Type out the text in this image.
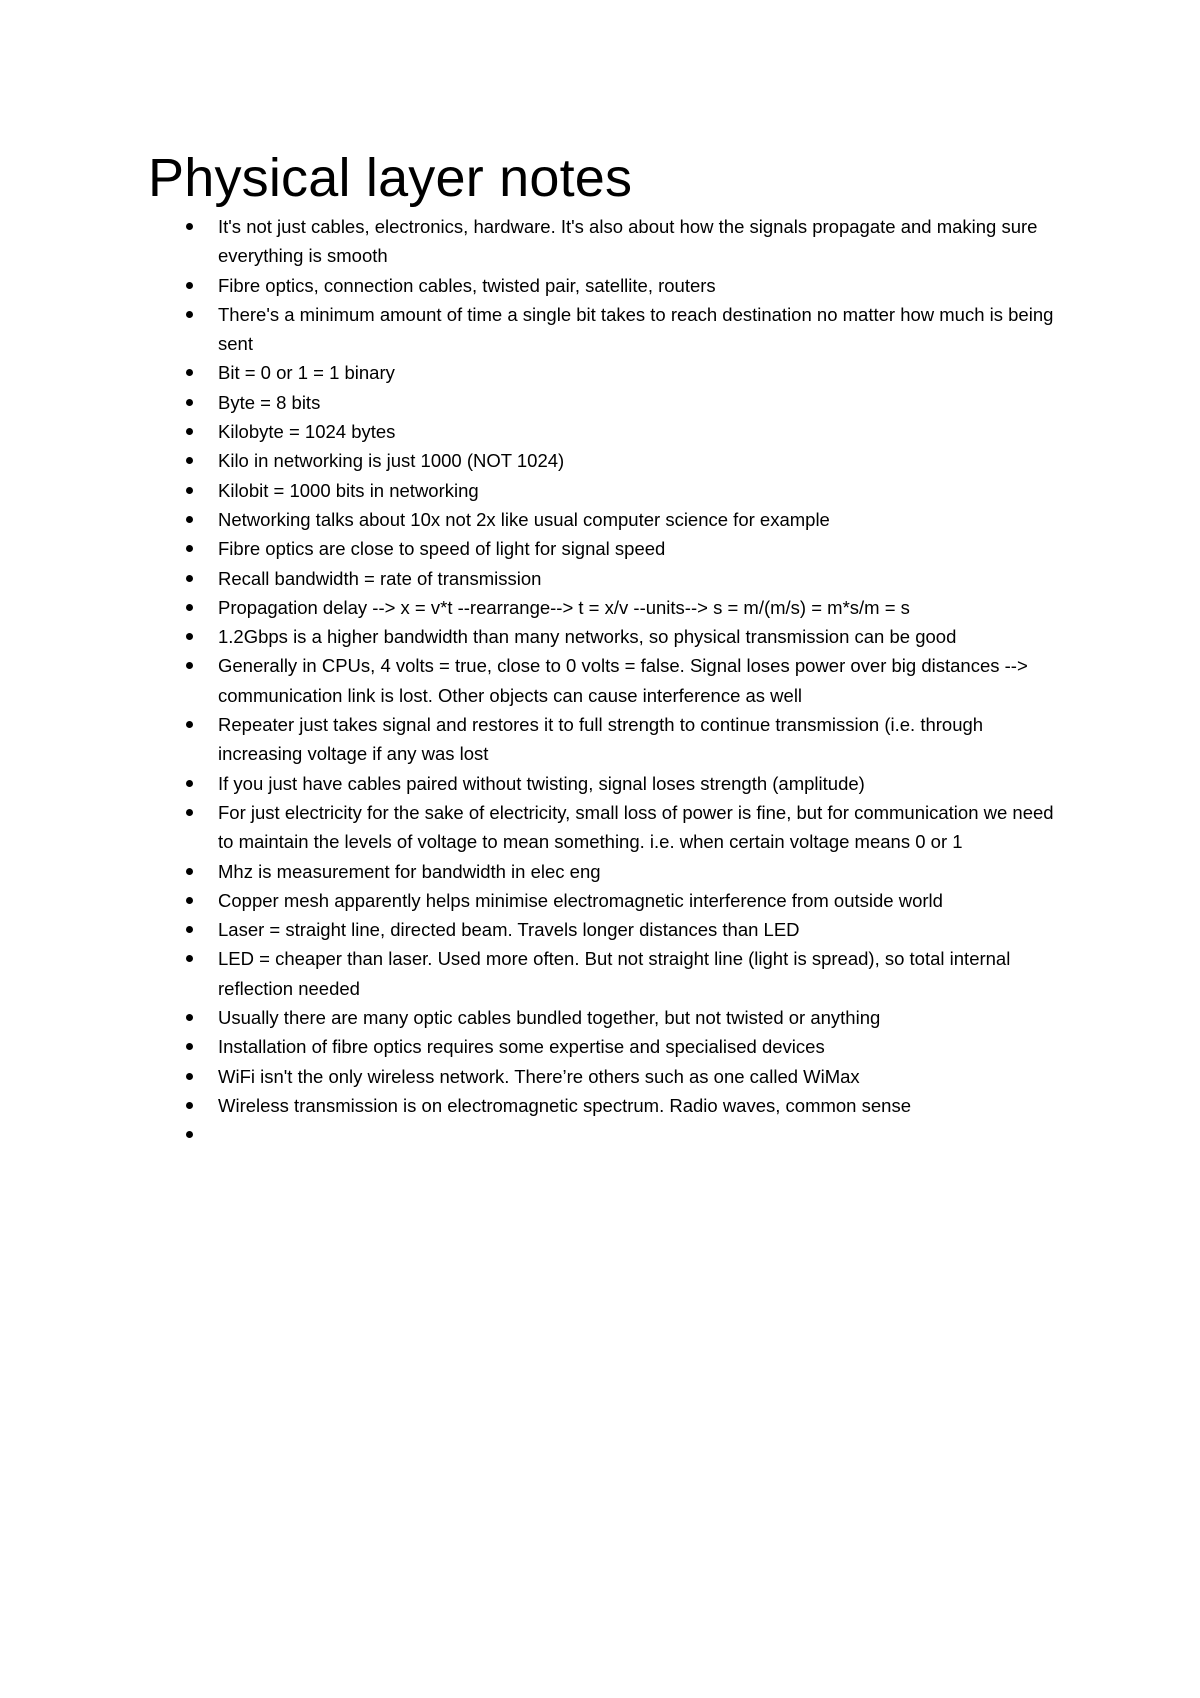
Physical layer notes
It's not just cables, electronics, hardware. It's also about how the signals propagate and making sure everything is smooth
Fibre optics, connection cables, twisted pair, satellite, routers
There's a minimum amount of time a single bit takes to reach destination no matter how much is being sent
Bit = 0 or 1 = 1 binary
Byte = 8 bits
Kilobyte = 1024 bytes
Kilo in networking is just 1000 (NOT 1024)
Kilobit = 1000 bits in networking
Networking talks about 10x not 2x like usual computer science for example
Fibre optics are close to speed of light for signal speed
Recall bandwidth = rate of transmission
Propagation delay --> x = v*t --rearrange--> t = x/v --units--> s = m/(m/s) = m*s/m = s
1.2Gbps is a higher bandwidth than many networks, so physical transmission can be good
Generally in CPUs, 4 volts = true, close to 0 volts = false. Signal loses power over big distances --> communication link is lost. Other objects can cause interference as well
Repeater just takes signal and restores it to full strength to continue transmission (i.e. through increasing voltage if any was lost
If you just have cables paired without twisting, signal loses strength (amplitude)
For just electricity for the sake of electricity, small loss of power is fine, but for communication we need to maintain the levels of voltage to mean something. i.e. when certain voltage means 0 or 1
Mhz is measurement for bandwidth in elec eng
Copper mesh apparently helps minimise electromagnetic interference from outside world
Laser = straight line, directed beam. Travels longer distances than LED
LED = cheaper than laser. Used more often. But not straight line (light is spread), so total internal reflection needed
Usually there are many optic cables bundled together, but not twisted or anything
Installation of fibre optics requires some expertise and specialised devices
WiFi isn't the only wireless network. There’re others such as one called WiMax
Wireless transmission is on electromagnetic spectrum. Radio waves, common sense
